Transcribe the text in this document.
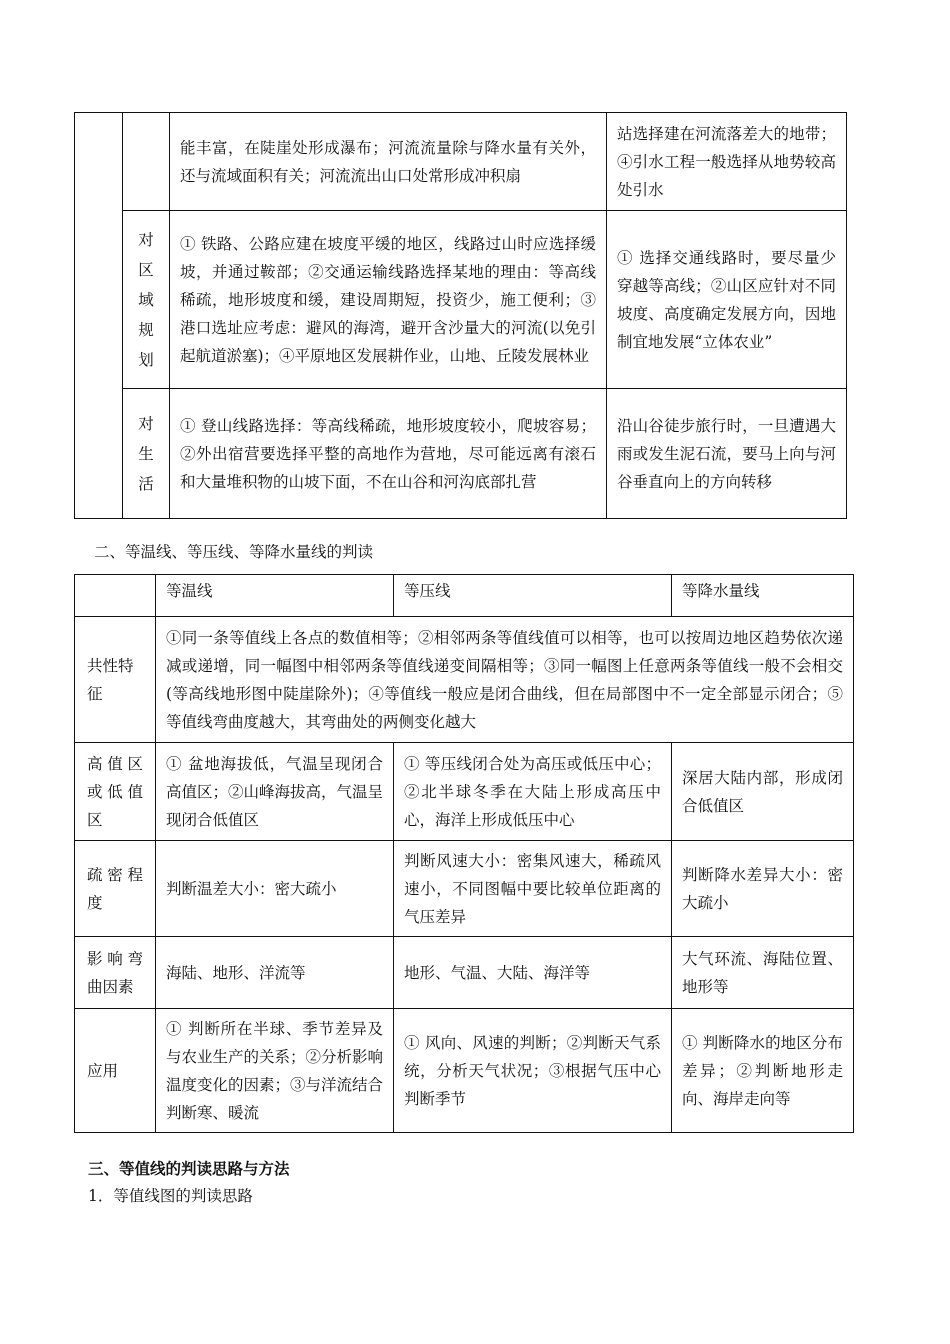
		能丰富，在陡崖处形成瀑布；河流流量除与降水量有关外，还与流域面积有关；河流流出山口处常形成冲积扇	站选择建在河流落差大的地带；④引水工程一般选择从地势较高处引水

	对
区
域
规
划	① 铁路、公路应建在坡度平缓的地区，线路过山时应选择缓坡，并通过鞍部；②交通运输线路选择某地的理由：等高线稀疏，地形坡度和缓，建设周期短，投资少，施工便利；③港口选址应考虑：避风的海湾，避开含沙量大的河流(以免引起航道淤塞)；④平原地区发展耕作业，山地、丘陵发展林业	① 选择交通线路时，要尽量少穿越等高线；②山区应针对不同坡度、高度确定发展方向，因地制宜地发展“立体农业”

	对
生
活	① 登山线路选择：等高线稀疏，地形坡度较小，爬坡容易；②外出宿营要选择平整的高地作为营地，尽可能远离有滚石和大量堆积物的山坡下面，不在山谷和河沟底部扎营	沿山谷徒步旅行时，一旦遭遇大雨或发生泥石流，要马上向与河谷垂直向上的方向转移
二、等温线、等压线、等降水量线的判读
	等温线	等压线	等降水量线
共性特征	①同一条等值线上各点的数值相等；②相邻两条等值线值可以相等，也可以按周边地区趋势依次递减或递增，同一幅图中相邻两条等值线递变间隔相等；③同一幅图上任意两条等值线一般不会相交(等高线地形图中陡崖除外)；④等值线一般应是闭合曲线，但在局部图中不一定全部显示闭合；⑤等值线弯曲度越大，其弯曲处的两侧变化越大		
高值区或低值区	① 盆地海拔低，气温呈现闭合高值区；②山峰海拔高，气温呈现闭合低值区	① 等压线闭合处为高压或低压中心；②北半球冬季在大陆上形成高压中心，海洋上形成低压中心	深居大陆内部，形成闭合低值区
疏密程度	判断温差大小：密大疏小	判断风速大小：密集风速大，稀疏风速小，不同图幅中要比较单位距离的气压差异	判断降水差异大小：密大疏小
影响弯曲因素	海陆、地形、洋流等	地形、气温、大陆、海洋等	大气环流、海陆位置、地形等
应用	① 判断所在半球、季节差异及与农业生产的关系；②分析影响温度变化的因素；③与洋流结合判断寒、暖流	① 风向、风速的判断；②判断天气系统，分析天气状况；③根据气压中心判断季节	① 判断降水的地区分布差异；②判断地形走向、海岸走向等
三、等值线的判读思路与方法
1．等值线图的判读思路
